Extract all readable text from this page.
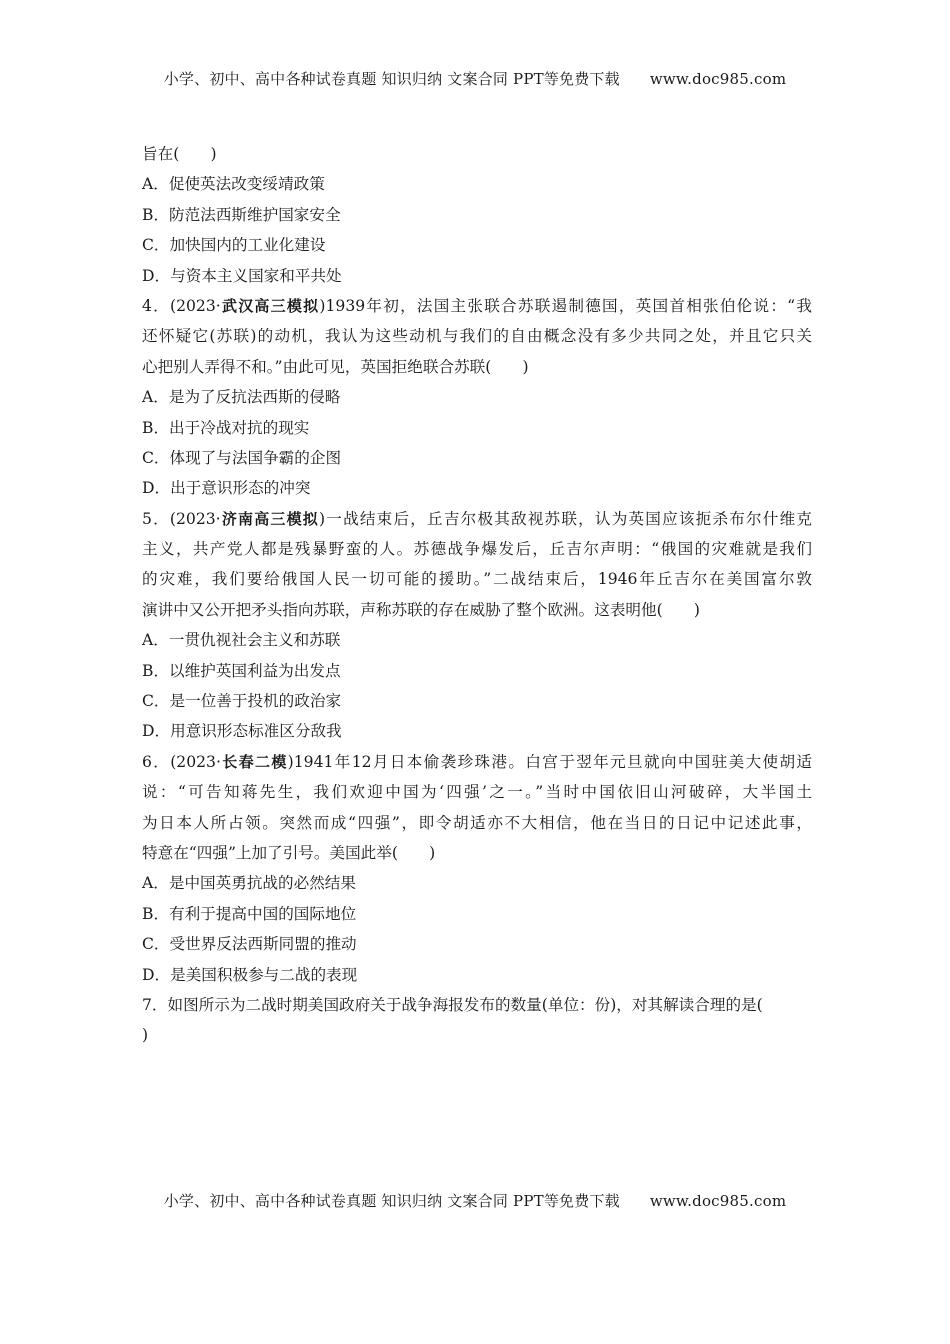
小学、初中、高中各种试卷真题 知识归纳 文案合同 PPT等免费下载 www.doc985.com
旨在(　　)
A．促使英法改变绥靖政策
B．防范法西斯维护国家安全
C．加快国内的工业化建设
D．与资本主义国家和平共处
4．(2023·武汉高三模拟)1939年初，法国主张联合苏联遏制德国，英国首相张伯伦说：“我
还怀疑它(苏联)的动机，我认为这些动机与我们的自由概念没有多少共同之处，并且它只关
心把别人弄得不和。”由此可见，英国拒绝联合苏联(　　)
A．是为了反抗法西斯的侵略
B．出于冷战对抗的现实
C．体现了与法国争霸的企图
D．出于意识形态的冲突
5．(2023·济南高三模拟)一战结束后，丘吉尔极其敌视苏联，认为英国应该扼杀布尔什维克
主义，共产党人都是残暴野蛮的人。苏德战争爆发后，丘吉尔声明：“俄国的灾难就是我们
的灾难，我们要给俄国人民一切可能的援助。”二战结束后，1946年丘吉尔在美国富尔敦
演讲中又公开把矛头指向苏联，声称苏联的存在威胁了整个欧洲。这表明他(　　)
A．一贯仇视社会主义和苏联
B．以维护英国利益为出发点
C．是一位善于投机的政治家
D．用意识形态标准区分敌我
6．(2023·长春二模)1941年12月日本偷袭珍珠港。白宫于翌年元旦就向中国驻美大使胡适
说：“可告知蒋先生，我们欢迎中国为‘四强’之一。”当时中国依旧山河破碎，大半国土
为日本人所占领。突然而成“四强”，即令胡适亦不大相信，他在当日的日记中记述此事，
特意在“四强”上加了引号。美国此举(　　)
A．是中国英勇抗战的必然结果
B．有利于提高中国的国际地位
C．受世界反法西斯同盟的推动
D．是美国积极参与二战的表现
7．如图所示为二战时期美国政府关于战争海报发布的数量(单位：份)，对其解读合理的是(
)
小学、初中、高中各种试卷真题 知识归纳 文案合同 PPT等免费下载 www.doc985.com
